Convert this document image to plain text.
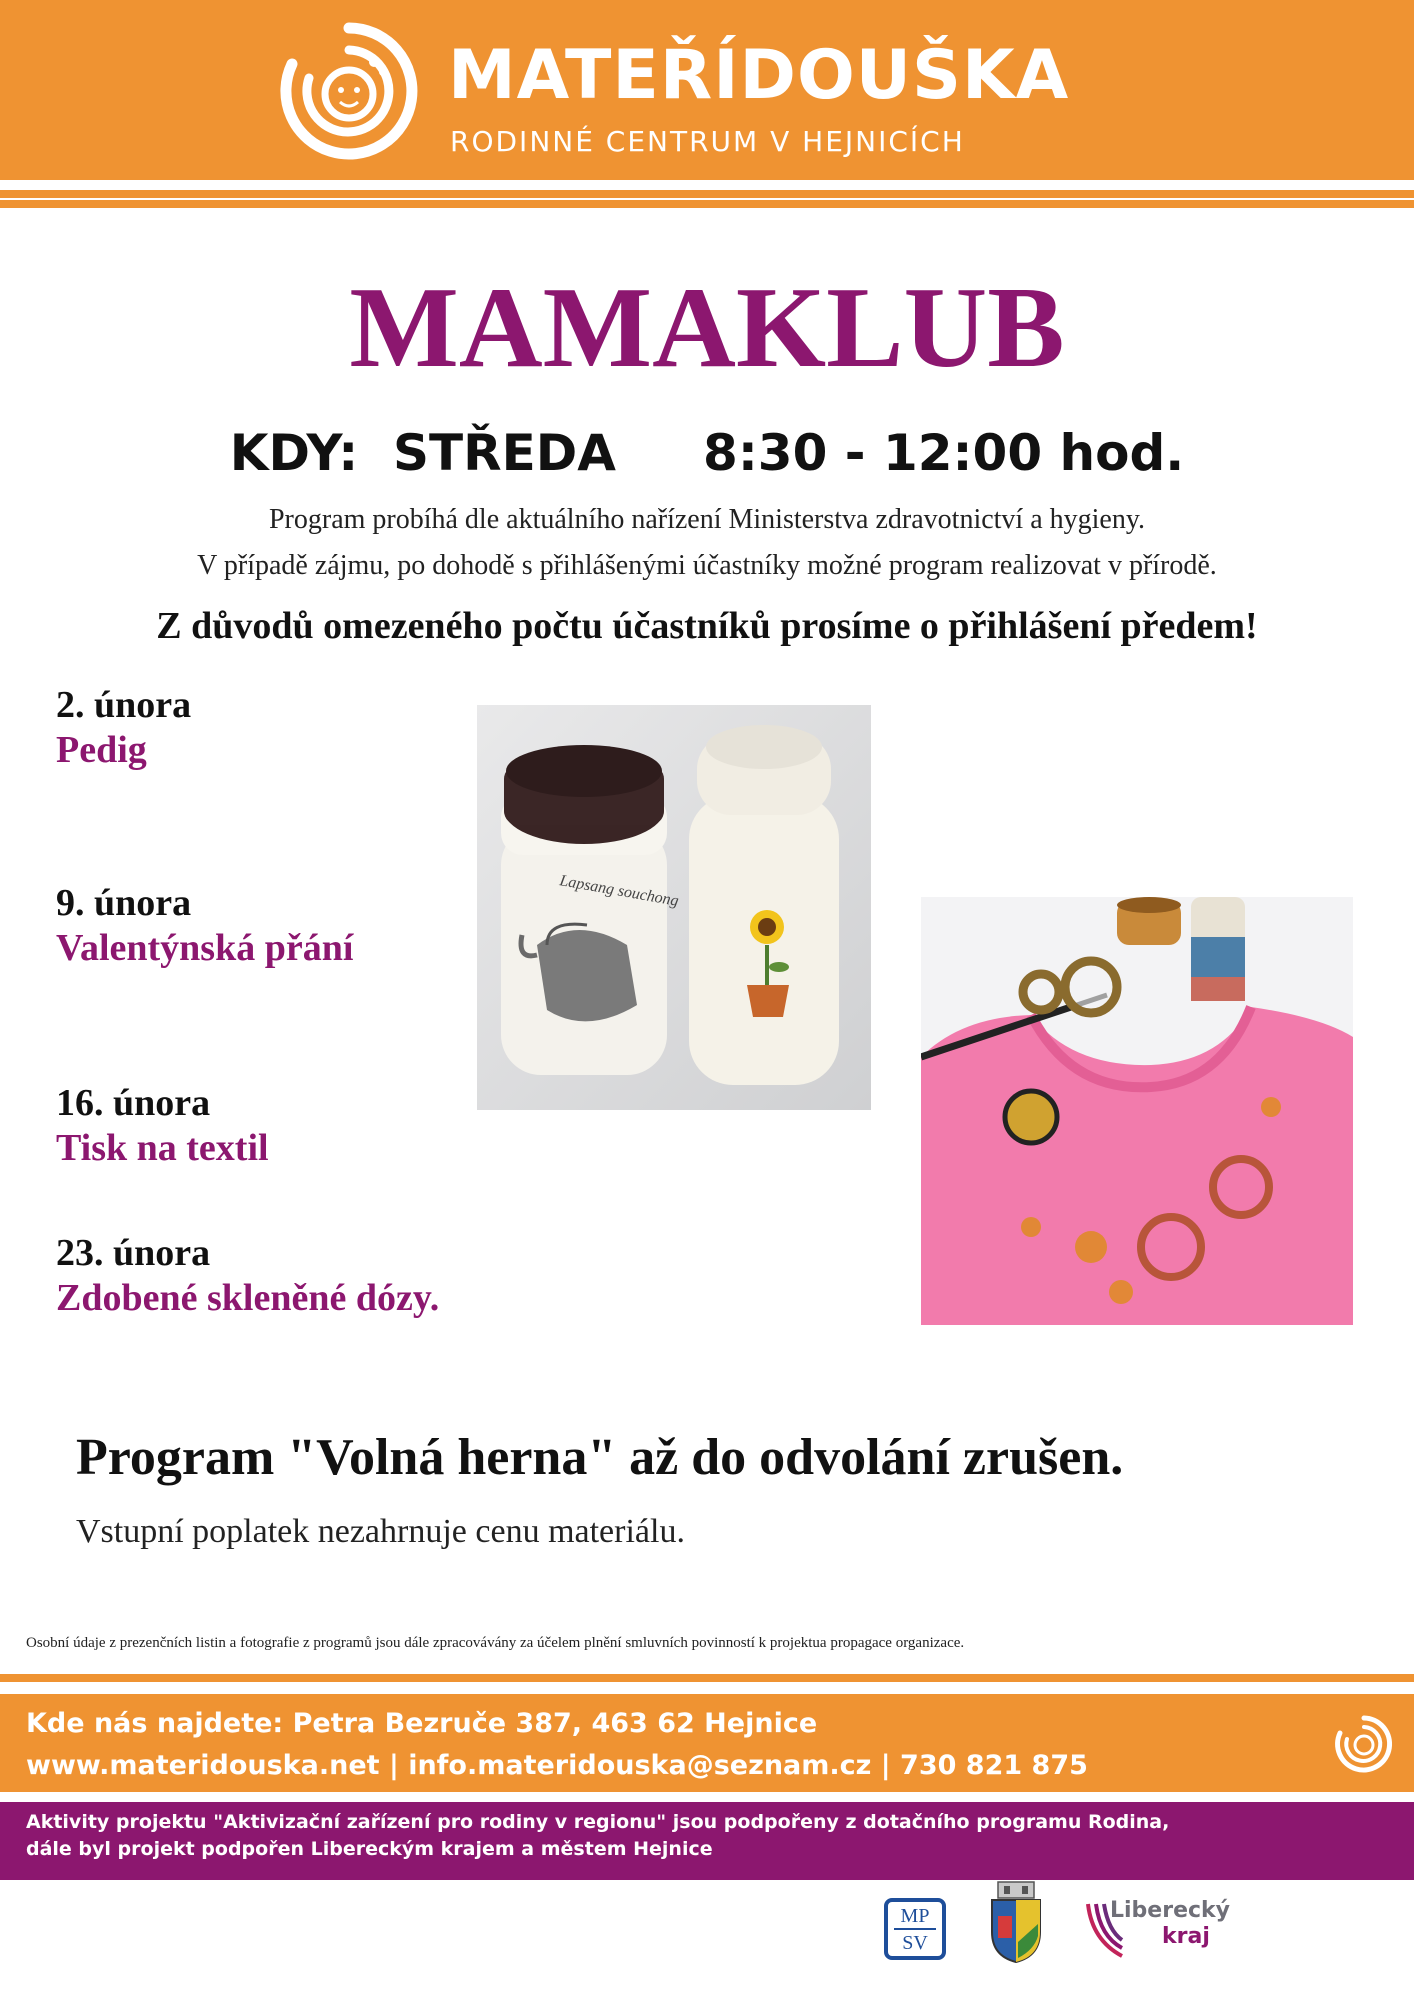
MATEŘÍDOUŠKA
RODINNÉ CENTRUM V HEJNICÍCH
MAMAKLUB
KDY:  STŘEDA     8:30 - 12:00 hod.
Program probíhá dle aktuálního nařízení Ministerstva zdravotnictví a hygieny.
V případě zájmu, po dohodě s přihlášenými účastníky možné program realizovat v přírodě.
Z důvodů omezeného počtu účastníků prosíme o přihlášení předem!
2. února
Pedig
9. února
Valentýnská přání
16. února
Tisk na textil
23. února
Zdobené skleněné dózy.
Lapsang souchong
Program "Volná herna" až do odvolání zrušen.
Vstupní poplatek nezahrnuje cenu materiálu.
Osobní údaje z prezenčních listin a fotografie z programů jsou dále zpracovávány za účelem plnění smluvních povinností k projektua propagace organizace.
Kde nás najdete: Petra Bezruče 387, 463 62 Hejnice
www.materidouska.net | info.materidouska@seznam.cz | 730 821 875
Aktivity projektu "Aktivizační zařízení pro rodiny v regionu" jsou podpořeny z dotačního programu Rodina,
dále byl projekt podpořen Libereckým krajem a městem Hejnice
MP
SV
Liberecký
kraj
